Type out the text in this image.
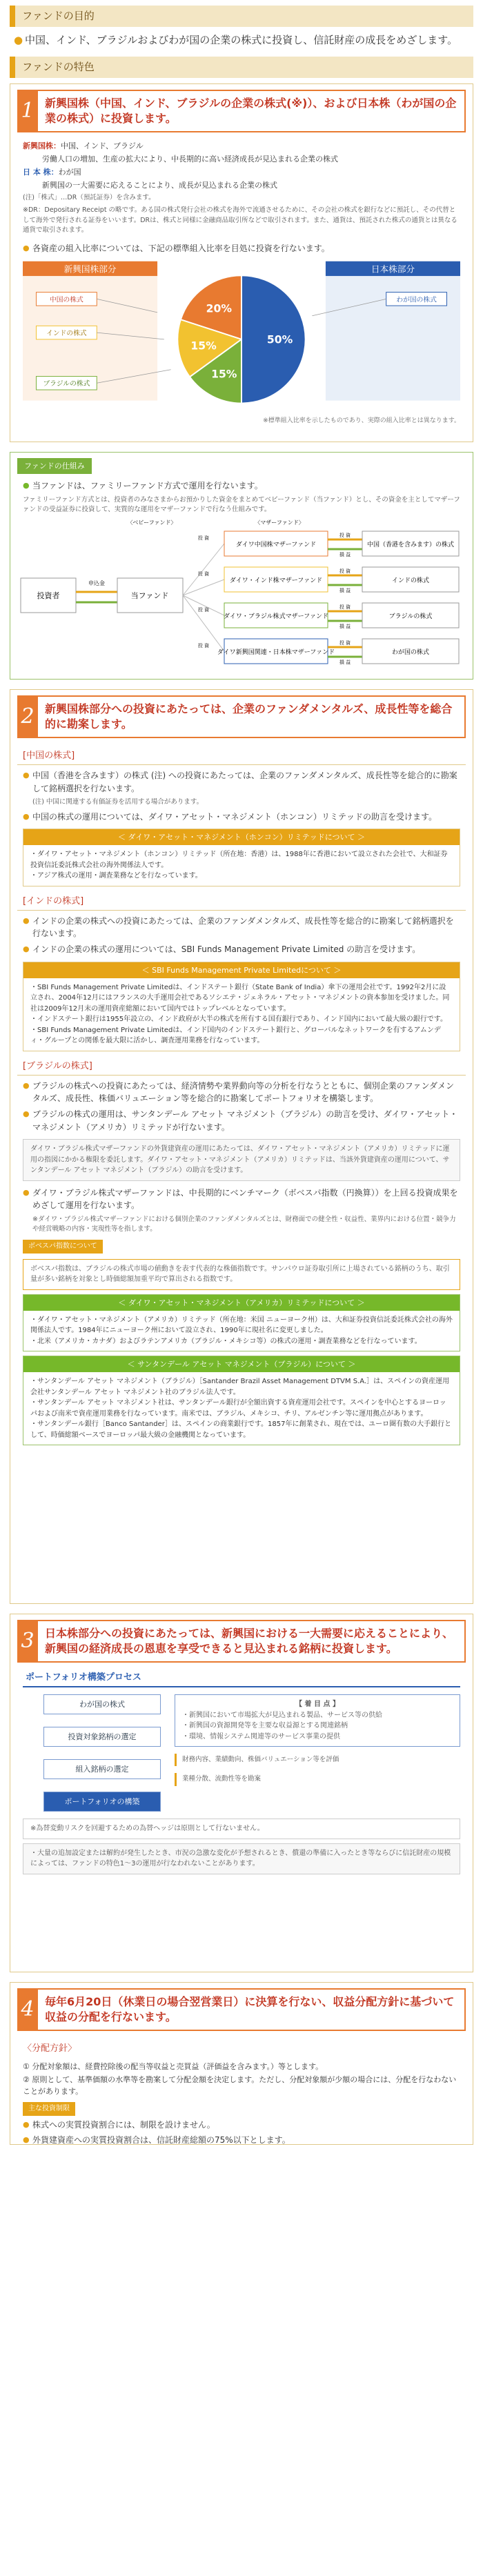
ファンドの目的
● 中国、インド、ブラジルおよびわが国の企業の株式に投資し、信託財産の成長をめざします。
ファンドの特色
1 新興国株（中国、インド、ブラジルの企業の株式(※)）、および日本株（わが国の企業の株式）に投資します。
新興国株：中国、インド、ブラジル
労働人口の増加、生産の拡大により、中長期的に高い経済成長が見込まれる企業の株式
日 本 株：わが国
新興国の一大需要に応えることにより、成長が見込まれる企業の株式
(注)「株式」…DR（預託証券）を含みます。
※DR：Depositary Receipt の略です。ある国の株式発行会社の株式を海外で流通させるために、その会社の株式を銀行などに預託し、その代替として海外で発行される証券をいいます。DRは、株式と同様に金融商品取引所などで取引されます。また、通貨は、預託された株式の通貨とは異なる通貨で取引されます。
● 各資産の組入比率については、下記の標準組入比率を目処に投資を行ないます。
新興国株部分	日本株部分
20%
15%
15%
50%
中国の株式
インドの株式
ブラジルの株式
わが国の株式
※標準組入比率を示したものであり、実際の組入比率とは異なります。
ファンドの仕組み
● 当ファンドは、ファミリーファンド方式で運用を行ないます。
ファミリーファンド方式とは、投資者のみなさまからお預かりした資金をまとめてベビーファンド（当ファンド）とし、その資金を主としてマザーファンドの受益証券に投資して、実質的な運用をマザーファンドで行なう仕組みです。
投資者
申込金
〈ベビーファンド〉
当ファンド
〈マザーファンド〉
投 資
ダイワ中国株マザーファンド
投 資
損 益
中国（香港を含みます）の株式
投 資
ダイワ・インド株マザーファンド
投 資
損 益
インドの株式
投 資
ダイワ・ブラジル株式マザーファンド
投 資
損 益
ブラジルの株式
投 資
ダイワ新興国関連・日本株マザーファンド
投 資
損 益
わが国の株式
2 新興国株部分への投資にあたっては、企業のファンダメンタルズ、成長性等を総合的に勘案します。
[中国の株式]
● 中国（香港を含みます）の株式 (注) への投資にあたっては、企業のファンダメンタルズ、成長性等を総合的に勘案して銘柄選択を行ないます。
(注) 中国に関連する有価証券を活用する場合があります。
● 中国の株式の運用については、ダイワ・アセット・マネジメント（ホンコン）リミテッドの助言を受けます。
＜ ダイワ・アセット・マネジメント（ホンコン）リミテッドについて ＞
・ダイワ・アセット・マネジメント（ホンコン）リミテッド（所在地：香港）は、1988年に香港において設立された会社で、大和証券投資信託委託株式会社の海外関係法人です。
・アジア株式の運用・調査業務などを行なっています。
[インドの株式]
● インドの企業の株式への投資にあたっては、企業のファンダメンタルズ、成長性等を総合的に勘案して銘柄選択を行ないます。
● インドの企業の株式の運用については、SBI Funds Management Private Limited の助言を受けます。
＜ SBI Funds Management Private Limitedについて ＞
・SBI Funds Management Private Limitedは、インドステート銀行（State Bank of India）傘下の運用会社です。1992年2月に設立され、2004年12月にはフランスの大手運用会社であるソシエテ・ジェネラル・アセット・マネジメントの資本参加を受けました。同社は2009年12月末の運用資産総額において国内ではトップレベルとなっています。
・インドステート銀行は1955年設立の、インド政府が大半の株式を所有する国有銀行であり、インド国内において最大級の銀行です。
・SBI Funds Management Private Limitedは、インド国内のインドステート銀行と、グローバルなネットワークを有するアムンディ・グループとの関係を最大限に活かし、調査運用業務を行なっています。
[ブラジルの株式]
● ブラジルの株式への投資にあたっては、経済情勢や業界動向等の分析を行なうとともに、個別企業のファンダメンタルズ、成長性、株価バリュエーション等を総合的に勘案してポートフォリオを構築します。
● ブラジルの株式の運用は、サンタンデール アセット マネジメント（ブラジル）の助言を受け、ダイワ・アセット・マネジメント（アメリカ）リミテッドが行ないます。
ダイワ・ブラジル株式マザーファンドの外貨建資産の運用にあたっては、ダイワ・アセット・マネジメント（アメリカ）リミテッドに運用の指図にかかる権限を委託します。ダイワ・アセット・マネジメント（アメリカ）リミテッドは、当該外貨建資産の運用について、サンタンデール アセット マネジメント（ブラジル）の助言を受けます。
● ダイワ・ブラジル株式マザーファンドは、中長期的にベンチマーク（ボベスパ指数（円換算））を上回る投資成果をめざして運用を行ないます。
※ダイワ・ブラジル株式マザーファンドにおける個別企業のファンダメンタルズとは、財務面での健全性・収益性、業界内における位置・競争力や経営戦略の内容・実現性等を指します。
ボベスパ指数について
ボベスパ指数は、ブラジルの株式市場の値動きを表す代表的な株価指数です。サンパウロ証券取引所に上場されている銘柄のうち、取引量が多い銘柄を対象とし時価総額加重平均で算出される指数です。
＜ ダイワ・アセット・マネジメント（アメリカ）リミテッドについて ＞
・ダイワ・アセット・マネジメント（アメリカ）リミテッド（所在地：米国 ニューヨーク州）は、大和証券投資信託委託株式会社の海外関係法人です。1984年にニューヨーク州において設立され、1990年に現社名に変更しました。
・北米（アメリカ・カナダ）およびラテンアメリカ（ブラジル・メキシコ等）の株式の運用・調査業務などを行なっています。
＜ サンタンデール アセット マネジメント（ブラジル）について ＞
・サンタンデール アセット マネジメント（ブラジル）［Santander Brazil Asset Management DTVM S.A.］は、スペインの資産運用会社サンタンデール アセット マネジメント社のブラジル法人です。
・サンタンデール アセット マネジメント社は、サンタンデール銀行が全額出資する資産運用会社です。スペインを中心とするヨーロッパおよび南米で資産運用業務を行なっています。南米では、ブラジル、メキシコ、チリ、アルゼンチン等に運用拠点があります。
・サンタンデール銀行［Banco Santander］は、スペインの商業銀行です。1857年に創業され、現在では、ユーロ圏有数の大手銀行として、時価総額ベースでヨーロッパ最大級の金融機関となっています。
3 日本株部分への投資にあたっては、新興国における一大需要に応えることにより、新興国の経済成長の恩恵を享受できると見込まれる銘柄に投資します。
ポートフォリオ構築プロセス
わが国の株式
投資対象銘柄の選定
組入銘柄の選定
ポートフォリオの構築
【 着 目 点 】
・新興国において市場拡大が見込まれる製品、サービス等の供給
・新興国の資源開発等を主要な収益源とする関連銘柄
・環境、情報システム関連等のサービス事業の提供
財務内容、業績動向、株価バリュエーション等を評価
業種分散、流動性等を勘案
※為替変動リスクを回避するための為替ヘッジは原則として行ないません。
・大量の追加設定または解約が発生したとき、市況の急激な変化が予想されるとき、償還の準備に入ったとき等ならびに信託財産の規模によっては、ファンドの特色1～3の運用が行なわれないことがあります。
4 毎年6月20日（休業日の場合翌営業日）に決算を行ない、収益分配方針に基づいて収益の分配を行ないます。
〈分配方針〉
① 分配対象額は、経費控除後の配当等収益と売買益（評価益を含みます。）等とします。
② 原則として、基準価額の水準等を勘案して分配金額を決定します。ただし、分配対象額が少額の場合には、分配を行なわないことがあります。
主な投資制限
● 株式への実質投資割合には、制限を設けません。
● 外貨建資産への実質投資割合は、信託財産総額の75%以下とします。
